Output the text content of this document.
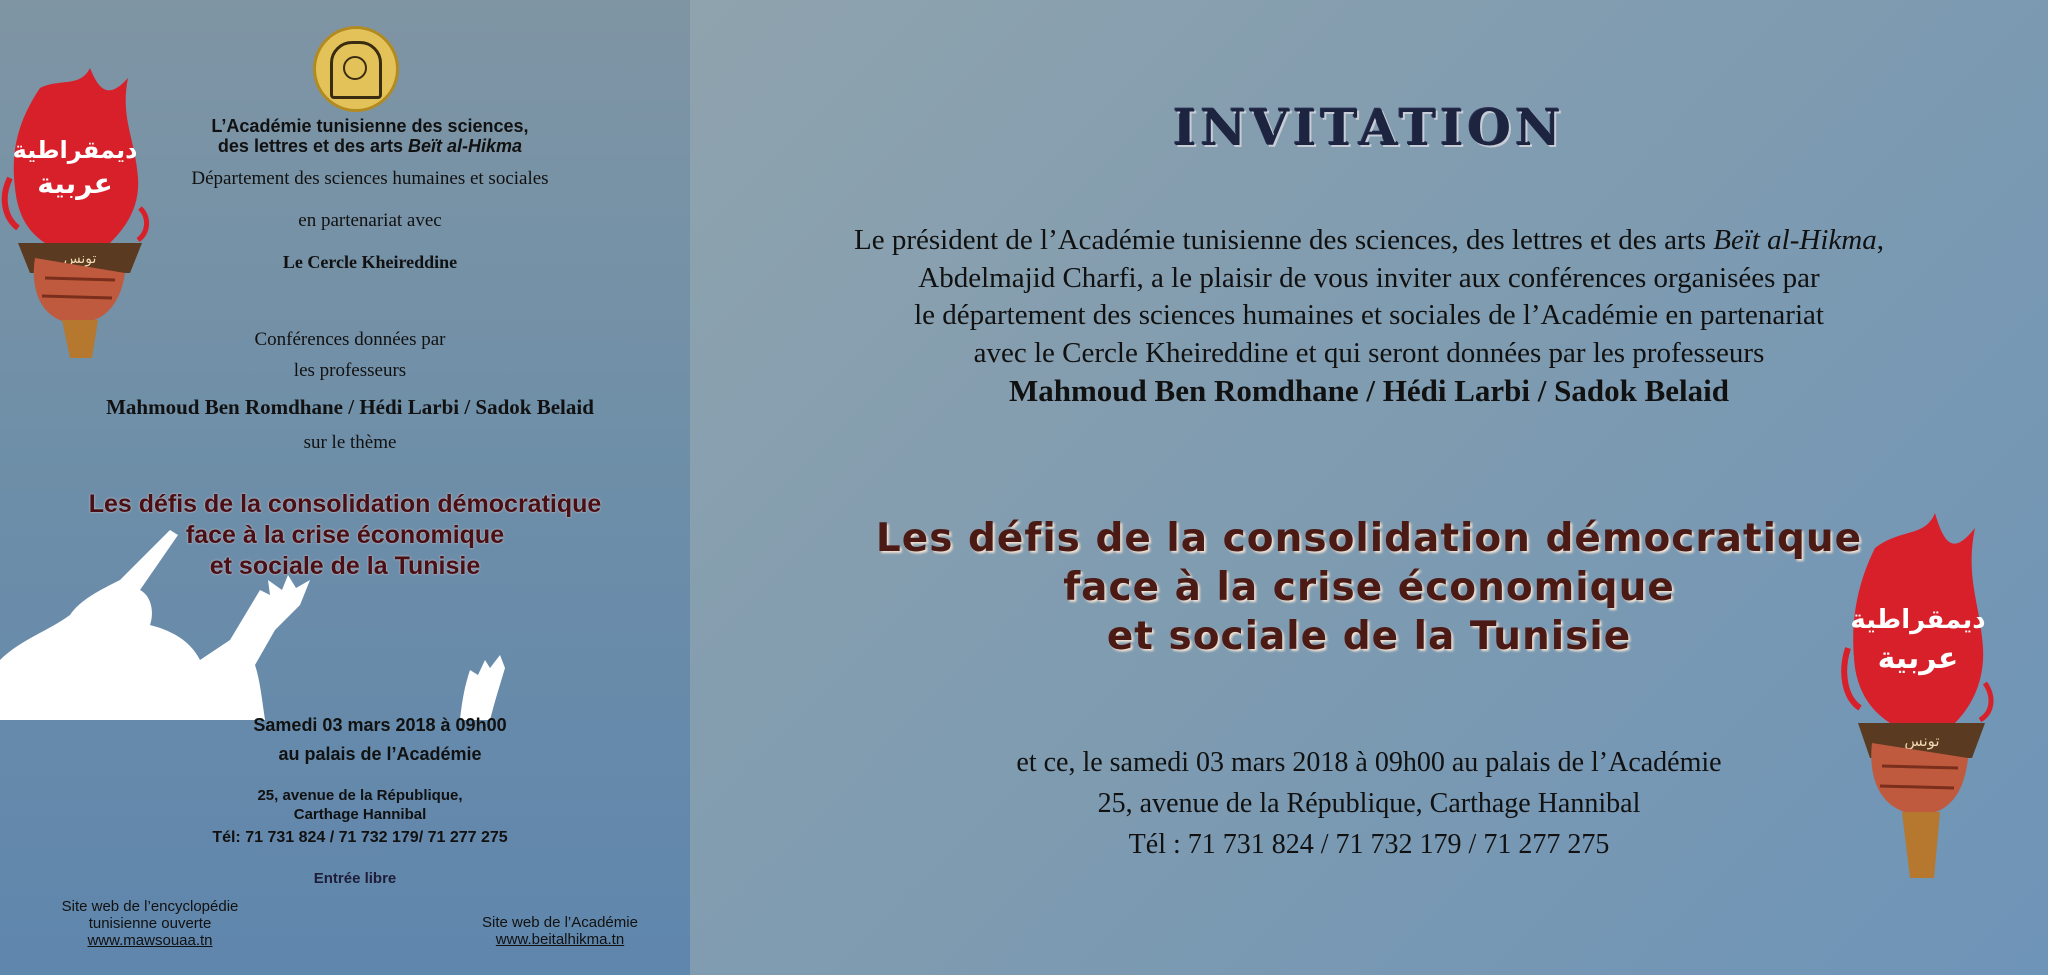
ديمقراطية
عربية
تونس
L’Académie tunisienne des sciences,
des lettres et des arts Beït al-Hikma
Département des sciences humaines et sociales
en partenariat avec
Le Cercle Kheireddine
Conférences données par
les professeurs
Mahmoud Ben Romdhane / Hédi Larbi / Sadok Belaid
sur le thème
Les défis de la consolidation démocratique
face à la crise économique
et sociale de la Tunisie
Samedi 03 mars 2018 à 09h00
au palais de l’Académie
25, avenue de la République,
Carthage Hannibal
Tél: 71 731 824 / 71 732 179/ 71 277 275
Entrée libre
Site web de l’encyclopédie
tunisienne ouverte
www.mawsouaa.tn
Site web de l’Académie
www.beitalhikma.tn
INVITATION
Le président de l’Académie tunisienne des sciences, des lettres et des arts Beït al-Hikma,
Abdelmajid Charfi, a le plaisir de vous inviter aux conférences organisées par
le département des sciences humaines et sociales de l’Académie en partenariat
avec le Cercle Kheireddine et qui seront données par les professeurs
Mahmoud Ben Romdhane / Hédi Larbi / Sadok Belaid
Les défis de la consolidation démocratique
face à la crise économique
et sociale de la Tunisie
et ce, le samedi 03 mars 2018 à 09h00 au palais de l’Académie
25, avenue de la République, Carthage Hannibal
Tél : 71 731 824 / 71 732 179 / 71 277 275
ديمقراطية
عربية
تونس
